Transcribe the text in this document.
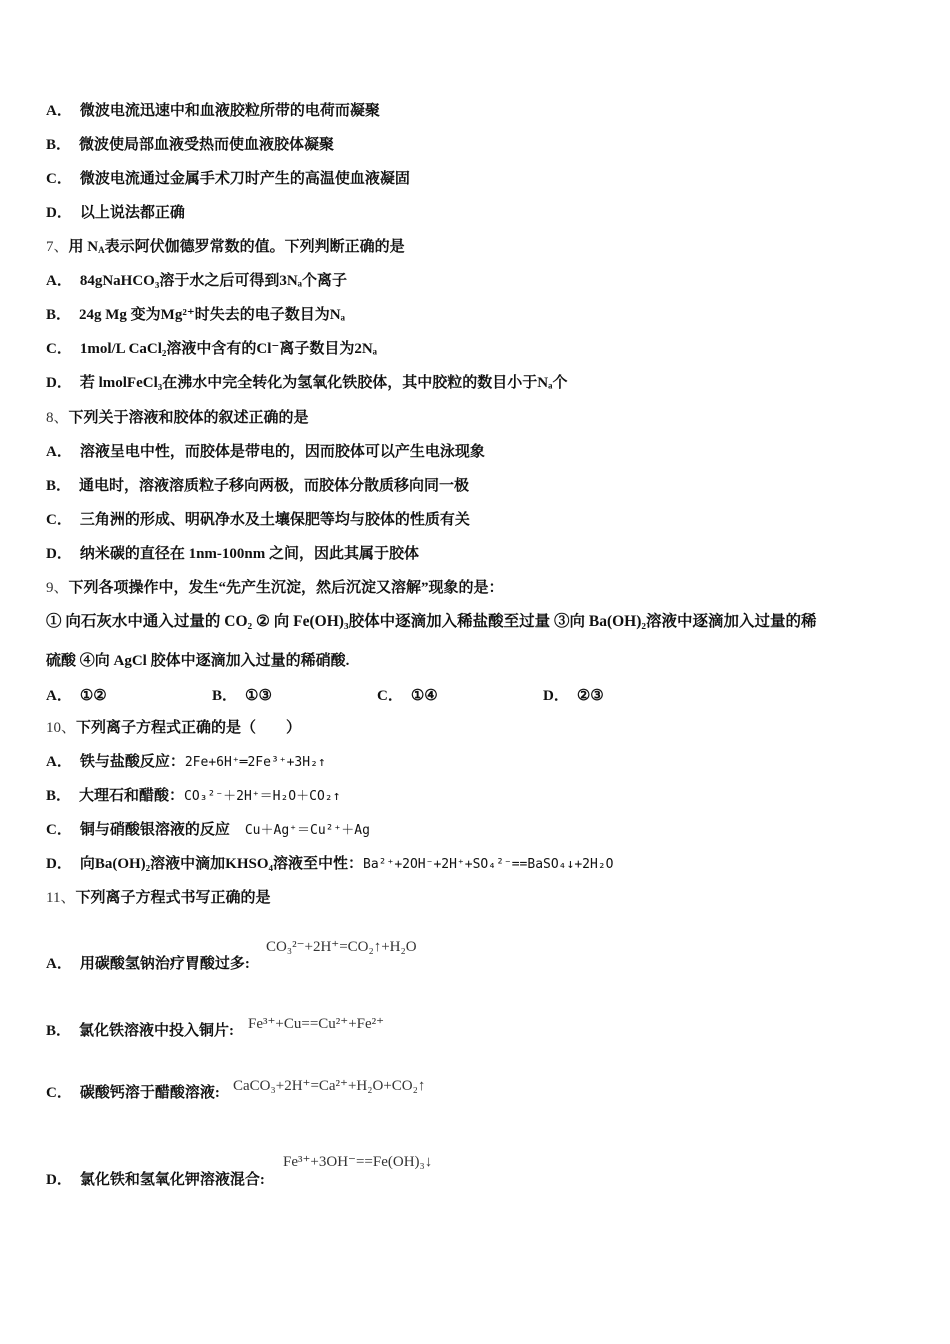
A． 微波电流迅速中和血液胶粒所带的电荷而凝聚
B． 微波使局部血液受热而使血液胶体凝聚
C． 微波电流通过金属手术刀时产生的高温使血液凝固
D． 以上说法都正确
7、用 $N_A$表示阿伏伽德罗常数的值。下列判断正确的是
A． 84gNaHCO₃溶于水之后可得到3Nₐ个离子
B． 24g Mg 变为Mg²⁺时失去的电子数目为Nₐ
C． 1mol/L CaCl₂溶液中含有的Cl⁻离子数目为2Nₐ
D． 若 lmolFeCl₃在沸水中完全转化为氢氧化铁胶体，其中胶粒的数目小于Nₐ个
8、下列关于溶液和胶体的叙述正确的是
A． 溶液呈电中性，而胶体是带电的，因而胶体可以产生电泳现象
B． 通电时，溶液溶质粒子移向两极，而胶体分散质移向同一极
C． 三角洲的形成、明矾净水及土壤保肥等均与胶体的性质有关
D． 纳米碳的直径在 1nm-100nm 之间，因此其属于胶体
9、下列各项操作中，发生“先产生沉淀，然后沉淀又溶解”现象的是：
① 向石灰水中通入过量的 CO₂ ② 向 Fe(OH)₃胶体中逐滴加入稀盐酸至过量 ③向 Ba(OH)₂溶液中逐滴加入过量的稀
硫酸 ④向 AgCl 胶体中逐滴加入过量的稀硝酸.
A． ①②	B． ①③	C． ①④	D． ②③
10、下列离子方程式正确的是（　　）
A． 铁与盐酸反应：2Fe+6H⁺═2Fe³⁺+3H₂↑
B． 大理石和醋酸：CO₃²⁻＋2H⁺＝H₂O＋CO₂↑
C． 铜与硝酸银溶液的反应　Cu＋Ag⁺＝Cu²⁺＋Ag
D． 向Ba(OH)₂溶液中滴加KHSO₄溶液至中性：Ba²⁺+2OH⁻+2H⁺+SO₄²⁻==BaSO₄↓+2H₂O
11、下列离子方程式书写正确的是
A． 用碳酸氢钠治疗胃酸过多:
CO₃²⁻+2H⁺=CO₂↑+H₂O
B． 氯化铁溶液中投入铜片: Fe³⁺+Cu==Cu²⁺+Fe²⁺
C． 碳酸钙溶于醋酸溶液: CaCO₃+2H⁺=Ca²⁺+H₂O+CO₂↑
D． 氯化铁和氢氧化钾溶液混合:
Fe³⁺+3OH⁻==Fe(OH)₃↓
